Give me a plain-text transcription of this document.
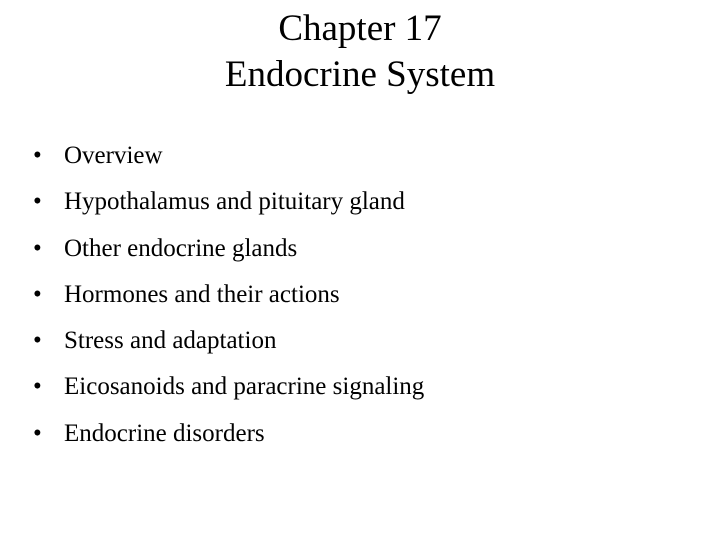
Chapter 17
Endocrine System
• Overview
• Hypothalamus and pituitary gland
• Other endocrine glands
• Hormones and their actions
• Stress and adaptation
• Eicosanoids and paracrine signaling
• Endocrine disorders
